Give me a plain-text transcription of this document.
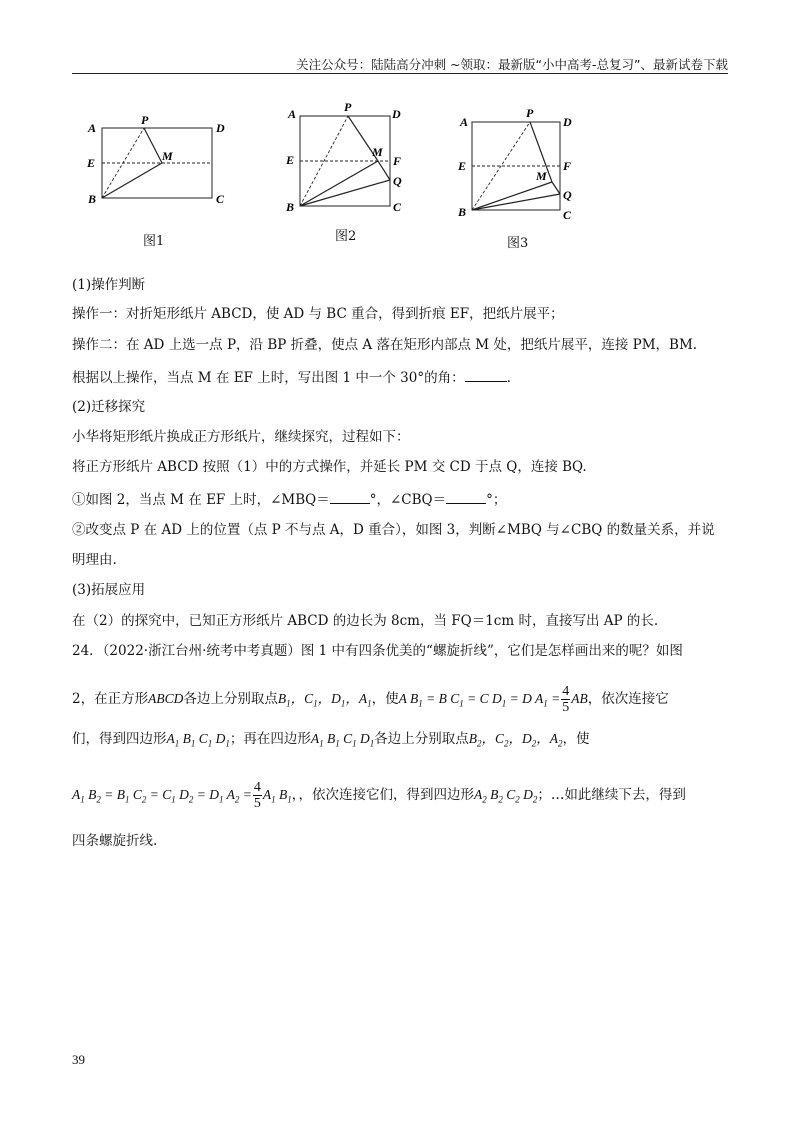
关注公众号：陆陆高分冲刺 ~领取：最新版“小中高考-总复习”、最新试卷下载
A
P
D
E	M
B	C
图1
A	P	D
E
M
F
Q
B	C
图2
A
P
D
E	F
M
Q
B	C
图3
(1)操作判断
操作一：对折矩形纸片 ABCD，使 AD 与 BC 重合，得到折痕 EF，把纸片展平；
操作二：在 AD 上选一点 P，沿 BP 折叠，使点 A 落在矩形内部点 M 处，把纸片展平，连接 PM，BM.
根据以上操作，当点 M 在 EF 上时，写出图 1 中一个 30°的角：	.
(2)迁移探究
小华将矩形纸片换成正方形纸片，继续探究，过程如下：
将正方形纸片 ABCD 按照（1）中的方式操作，并延长 PM 交 CD 于点 Q，连接 BQ.
①如图 2，当点 M 在 EF 上时，∠MBQ＝	°，∠CBQ＝	°；
②改变点 P 在 AD 上的位置（点 P 不与点 A，D 重合），如图 3，判断∠MBQ 与∠CBQ 的数量关系，并说
明理由.
(3)拓展应用
在（2）的探究中，已知正方形纸片 ABCD 的边长为 8cm，当 FQ＝1cm 时，直接写出 AP 的长.
24．（2022·浙江台州·统考中考真题）图 1 中有四条优美的“螺旋折线”，它们是怎样画出来的呢？如图
2，在正方形ABCD各边上分别取点$B_1$，$C_1$，$D_1$，$A_1$，使A $B_1 = B$ $C_1 = C$ $D_1 = D$ $A_1 = \frac{4}{5}$ AB，依次连接它
们，得到四边形$A_1$ $B_1$ $C_1$ $D_1$；再在四边形$A_1$ $B_1$ $C_1$ $D_1$各边上分别取点$B_2$，$C_2$，$D_2$，$A_2$，使
$A_1$ $B_2 = B_1$ $C_2 = C_1$ $D_2 = D_1$ $A_2 = \frac{4}{5} A_1$ $B_1$，，依次连接它们，得到四边形$A_2$ $B_2$ $C_2$ $D_2$；…如此继续下去，得到
四条螺旋折线.
39
